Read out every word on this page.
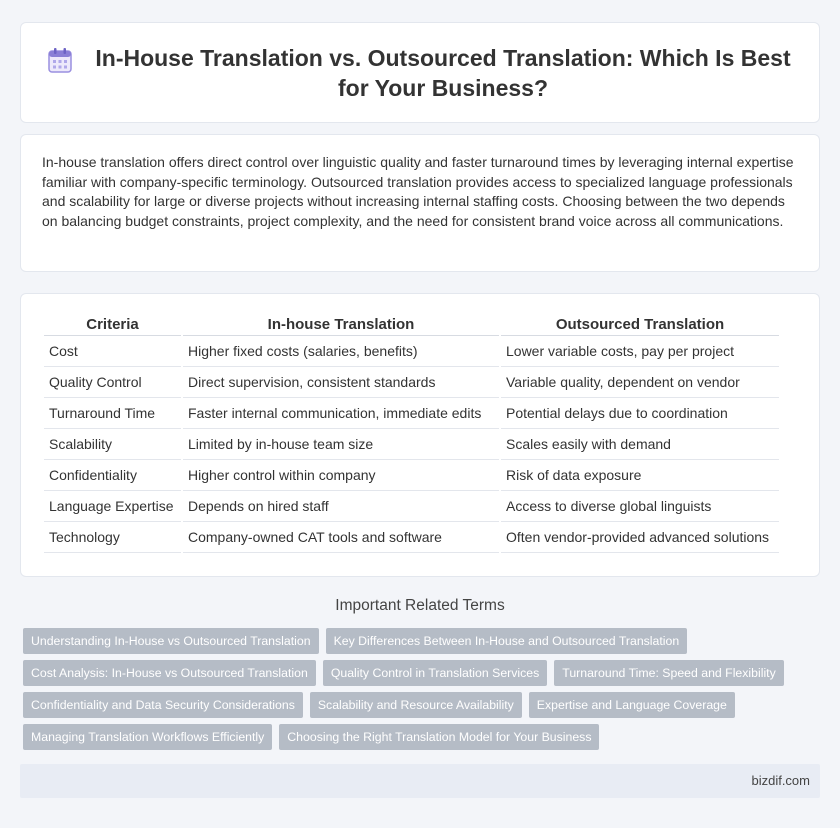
In-House Translation vs. Outsourced Translation: Which Is Best for Your Business?

In-house translation offers direct control over linguistic quality and faster turnaround times by leveraging internal expertise familiar with company-specific terminology. Outsourced translation provides access to specialized language professionals and scalability for large or diverse projects without increasing internal staffing costs. Choosing between the two depends on balancing budget constraints, project complexity, and the need for consistent brand voice across all communications.

Criteria	In-house Translation	Outsourced Translation
Cost	Higher fixed costs (salaries, benefits)	Lower variable costs, pay per project
Quality Control	Direct supervision, consistent standards	Variable quality, dependent on vendor
Turnaround Time	Faster internal communication, immediate edits	Potential delays due to coordination
Scalability	Limited by in-house team size	Scales easily with demand
Confidentiality	Higher control within company	Risk of data exposure
Language Expertise	Depends on hired staff	Access to diverse global linguists
Technology	Company-owned CAT tools and software	Often vendor-provided advanced solutions
Important Related Terms
Understanding In-House vs Outsourced Translation	Key Differences Between In-House and Outsourced Translation
Cost Analysis: In-House vs Outsourced Translation	Quality Control in Translation Services	Turnaround Time: Speed and Flexibility
Confidentiality and Data Security Considerations	Scalability and Resource Availability	Expertise and Language Coverage
Managing Translation Workflows Efficiently	Choosing the Right Translation Model for Your Business
bizdif.com
